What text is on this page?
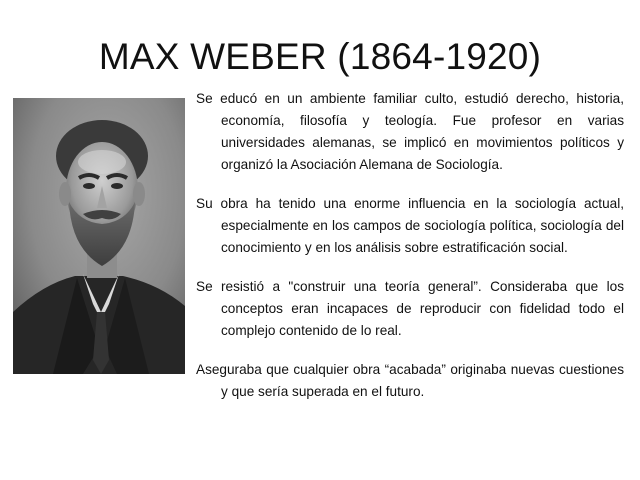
MAX WEBER (1864-1920)

Se educó en un ambiente familiar culto, estudió derecho, historia, economía, filosofía y teología. Fue profesor en varias universidades alemanas, se implicó en movimientos políticos y organizó la Asociación Alemana de Sociología.

Su obra ha tenido una enorme influencia en la sociología actual, especialmente en los campos de sociología política, sociología del conocimiento y en los análisis sobre estratificación social.

Se resistió a "construir una teoría general”. Consideraba que los conceptos eran incapaces de reproducir con fidelidad todo el complejo contenido de lo real.

Aseguraba que cualquier obra “acabada” originaba nuevas cuestiones y que sería superada en el futuro.
